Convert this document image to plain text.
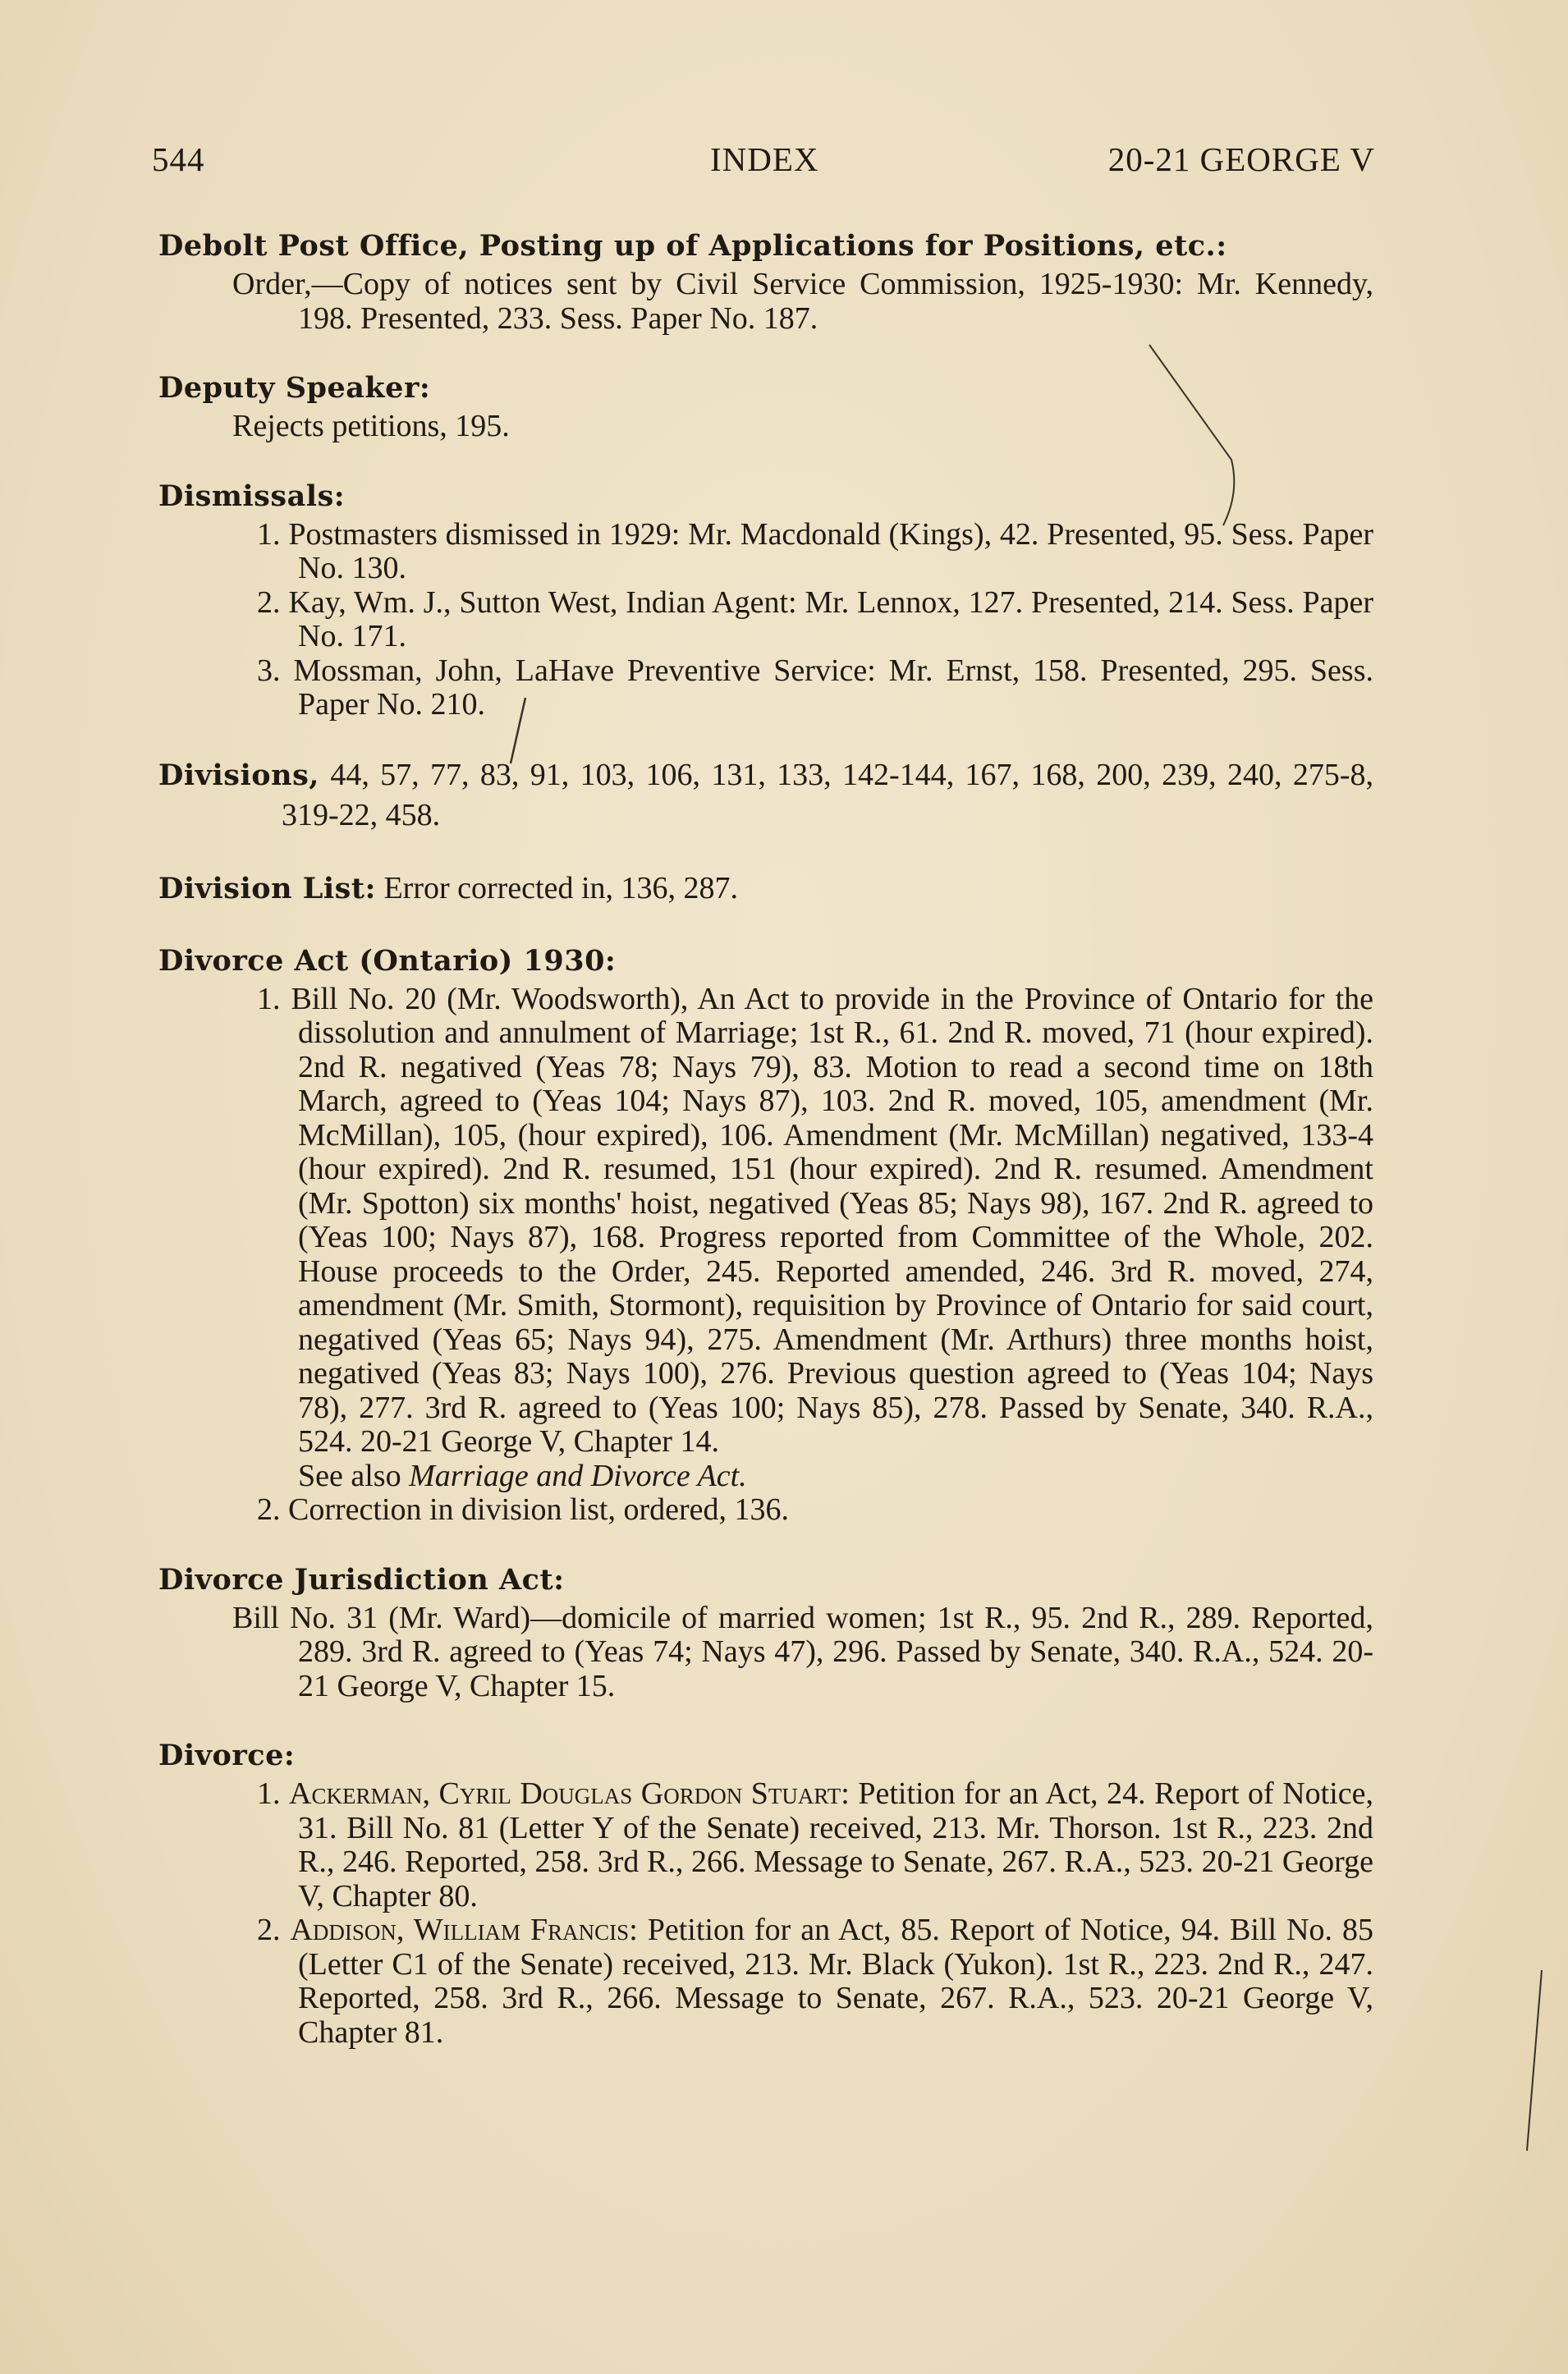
544	INDEX	20-21 GEORGE V

Debolt Post Office, Posting up of Applications for Positions, etc.:

Order,—Copy of notices sent by Civil Service Commission, 1925-1930: Mr. Kennedy, 198. Presented, 233. Sess. Paper No. 187.

Deputy Speaker:

Rejects petitions, 195.

Dismissals:

1. Postmasters dismissed in 1929: Mr. Macdonald (Kings), 42. Presented, 95. Sess. Paper No. 130.

2. Kay, Wm. J., Sutton West, Indian Agent: Mr. Lennox, 127. Presented, 214. Sess. Paper No. 171.

3. Mossman, John, LaHave Preventive Service: Mr. Ernst, 158. Presented, 295. Sess. Paper No. 210.

Divisions, 44, 57, 77, 83, 91, 103, 106, 131, 133, 142-144, 167, 168, 200, 239, 240, 275-8, 319-22, 458.

Division List: Error corrected in, 136, 287.

Divorce Act (Ontario) 1930:

1. Bill No. 20 (Mr. Woodsworth), An Act to provide in the Province of Ontario for the dissolution and annulment of Marriage; 1st R., 61. 2nd R. moved, 71 (hour expired). 2nd R. negatived (Yeas 78; Nays 79), 83. Motion to read a second time on 18th March, agreed to (Yeas 104; Nays 87), 103. 2nd R. moved, 105, amendment (Mr. McMillan), 105, (hour expired), 106. Amendment (Mr. McMillan) negatived, 133-4 (hour expired). 2nd R. resumed, 151 (hour expired). 2nd R. resumed. Amendment (Mr. Spotton) six months' hoist, negatived (Yeas 85; Nays 98), 167. 2nd R. agreed to (Yeas 100; Nays 87), 168. Progress reported from Committee of the Whole, 202. House proceeds to the Order, 245. Reported amended, 246. 3rd R. moved, 274, amendment (Mr. Smith, Stormont), requisition by Province of Ontario for said court, negatived (Yeas 65; Nays 94), 275. Amendment (Mr. Arthurs) three months hoist, negatived (Yeas 83; Nays 100), 276. Previous question agreed to (Yeas 104; Nays 78), 277. 3rd R. agreed to (Yeas 100; Nays 85), 278. Passed by Senate, 340. R.A., 524. 20-21 George V, Chapter 14.
See also Marriage and Divorce Act.

2. Correction in division list, ordered, 136.

Divorce Jurisdiction Act:

Bill No. 31 (Mr. Ward)—domicile of married women; 1st R., 95. 2nd R., 289. Reported, 289. 3rd R. agreed to (Yeas 74; Nays 47), 296. Passed by Senate, 340. R.A., 524. 20-21 George V, Chapter 15.

Divorce:

1. Ackerman, Cyril Douglas Gordon Stuart: Petition for an Act, 24. Report of Notice, 31. Bill No. 81 (Letter Y of the Senate) received, 213. Mr. Thorson. 1st R., 223. 2nd R., 246. Reported, 258. 3rd R., 266. Message to Senate, 267. R.A., 523. 20-21 George V, Chapter 80.

2. Addison, William Francis: Petition for an Act, 85. Report of Notice, 94. Bill No. 85 (Letter C1 of the Senate) received, 213. Mr. Black (Yukon). 1st R., 223. 2nd R., 247. Reported, 258. 3rd R., 266. Message to Senate, 267. R.A., 523. 20-21 George V, Chapter 81.
